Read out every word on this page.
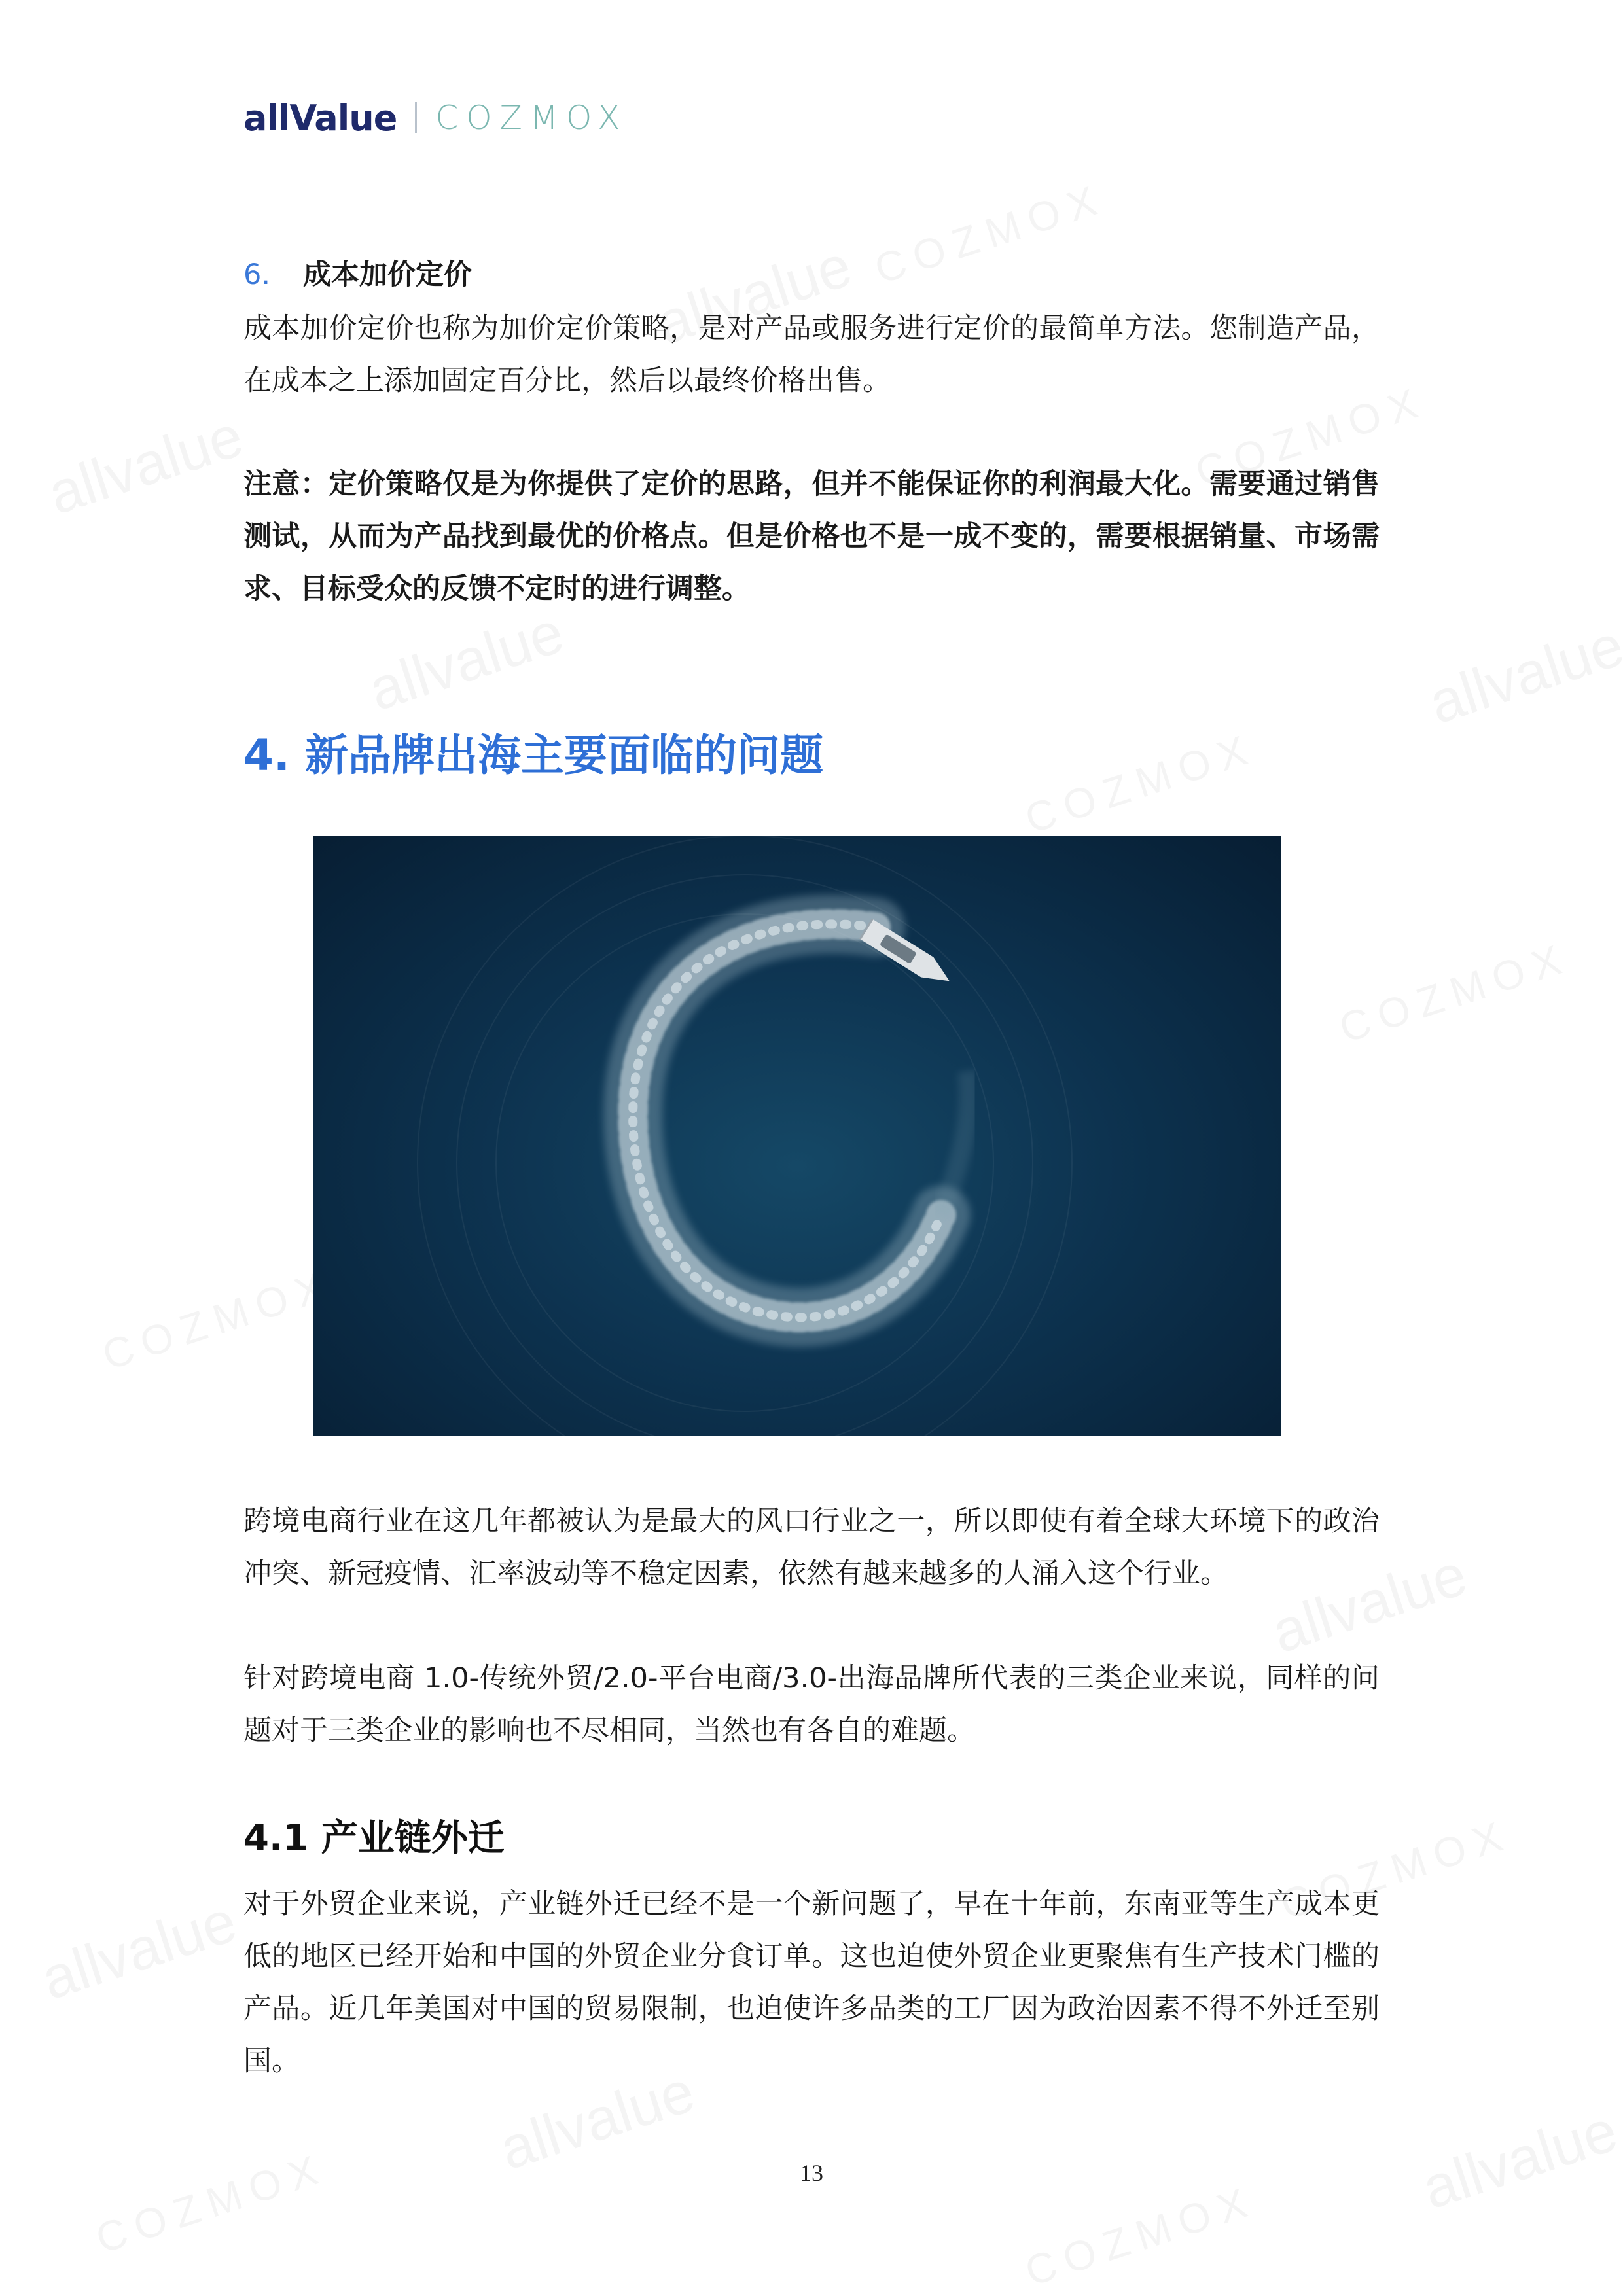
allValue COZMOX
6. 成本加价定价

成本加价定价也称为加价定价策略，是对产品或服务进行定价的最简单方法。您制造产品，在成本之上添加固定百分比，然后以最终价格出售。

注意：定价策略仅是为你提供了定价的思路，但并不能保证你的利润最大化。需要通过销售测试，从而为产品找到最优的价格点。但是价格也不是一成不变的，需要根据销量、市场需求、目标受众的反馈不定时的进行调整。

4. 新品牌出海主要面临的问题

跨境电商行业在这几年都被认为是最大的风口行业之一，所以即使有着全球大环境下的政治冲突、新冠疫情、汇率波动等不稳定因素，依然有越来越多的人涌入这个行业。

针对跨境电商 1.0-传统外贸/2.0-平台电商/3.0-出海品牌所代表的三类企业来说，同样的问题对于三类企业的影响也不尽相同，当然也有各自的难题。

4.1 产业链外迁

对于外贸企业来说，产业链外迁已经不是一个新问题了，早在十年前，东南亚等生产成本更低的地区已经开始和中国的外贸企业分食订单。这也迫使外贸企业更聚焦有生产技术门槛的产品。近几年美国对中国的贸易限制，也迫使许多品类的工厂因为政治因素不得不外迁至别国。

13
